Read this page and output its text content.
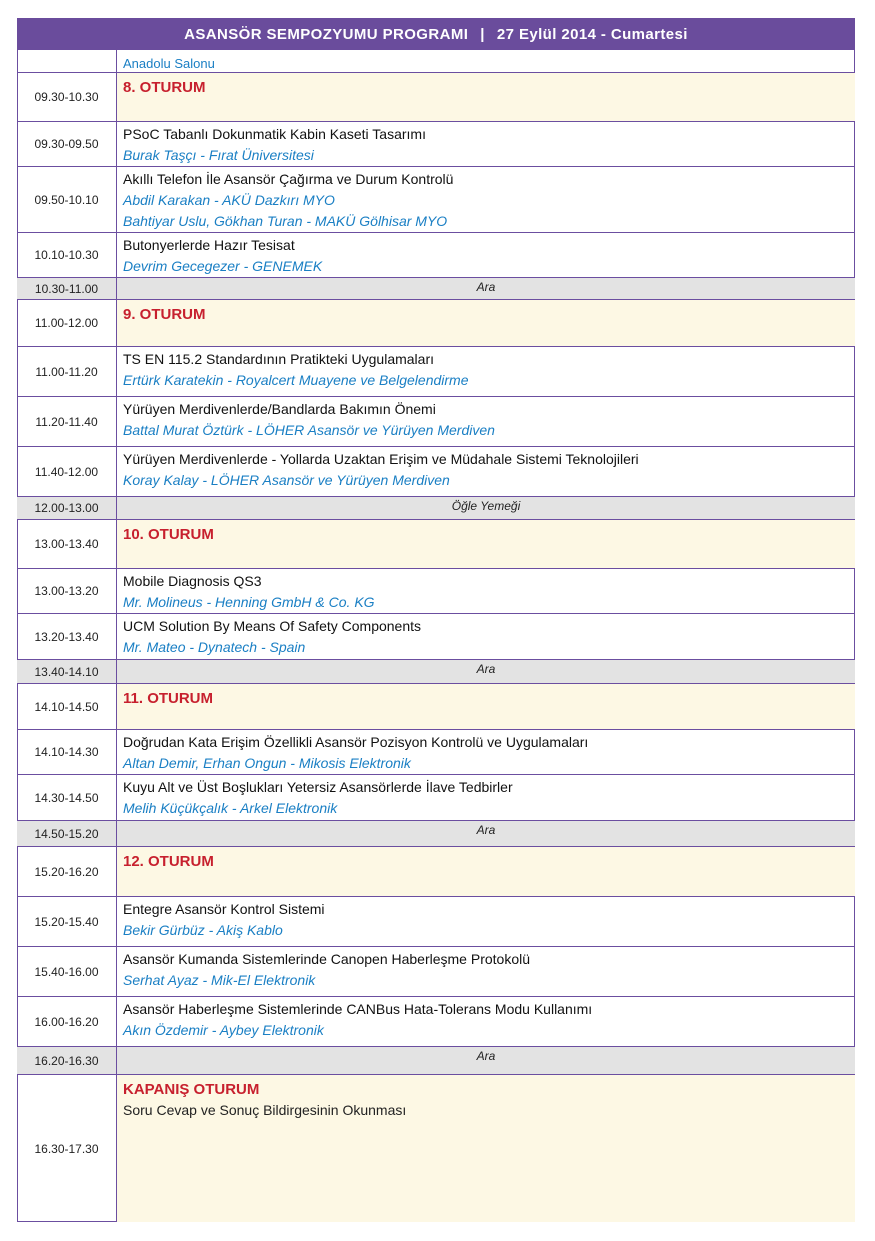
ASANSÖR SEMPOZYUMU PROGRAMI | 27 Eylül 2014 - Cumartesi
Anadolu Salonu
09.30-10.30
8. OTURUM
09.30-09.50
PSoC Tabanlı Dokunmatik Kabin Kaseti Tasarımı
Burak Taşçı - Fırat Üniversitesi
09.50-10.10
Akıllı Telefon İle Asansör Çağırma ve Durum Kontrolü
Abdil Karakan - AKÜ Dazkırı MYO
Bahtiyar Uslu, Gökhan Turan - MAKÜ Gölhisar MYO
10.10-10.30
Butonyerlerde Hazır Tesisat
Devrim Gecegezer - GENEMEK
10.30-11.00	Ara
11.00-12.00	9. OTURUM
11.00-11.20
TS EN 115.2 Standardının Pratikteki Uygulamaları
Ertürk Karatekin - Royalcert Muayene ve Belgelendirme
11.20-11.40
Yürüyen Merdivenlerde/Bandlarda Bakımın Önemi
Battal Murat Öztürk - LÖHER Asansör ve Yürüyen Merdiven
11.40-12.00
Yürüyen Merdivenlerde - Yollarda Uzaktan Erişim ve Müdahale Sistemi Teknolojileri
Koray Kalay - LÖHER Asansör ve Yürüyen Merdiven
12.00-13.00	Öğle Yemeği
13.00-13.40
10. OTURUM
13.00-13.20
Mobile Diagnosis QS3
Mr. Molineus - Henning GmbH & Co. KG
13.20-13.40
UCM Solution By Means Of Safety Components
Mr. Mateo - Dynatech - Spain
13.40-14.10	Ara
14.10-14.50	11. OTURUM
14.10-14.30
Doğrudan Kata Erişim Özellikli Asansör Pozisyon Kontrolü ve Uygulamaları
Altan Demir, Erhan Ongun - Mikosis Elektronik
14.30-14.50
Kuyu Alt ve Üst Boşlukları Yetersiz Asansörlerde İlave Tedbirler
Melih Küçükçalık - Arkel Elektronik
14.50-15.20	Ara
15.20-16.20
12. OTURUM
15.20-15.40
Entegre Asansör Kontrol Sistemi
Bekir Gürbüz - Akiş Kablo
15.40-16.00
Asansör Kumanda Sistemlerinde Canopen Haberleşme Protokolü
Serhat Ayaz - Mik-El Elektronik
16.00-16.20
Asansör Haberleşme Sistemlerinde CANBus Hata-Tolerans Modu Kullanımı
Akın Özdemir - Aybey Elektronik
16.20-16.30	Ara
16.30-17.30
KAPANIŞ OTURUM
Soru Cevap ve Sonuç Bildirgesinin Okunması
